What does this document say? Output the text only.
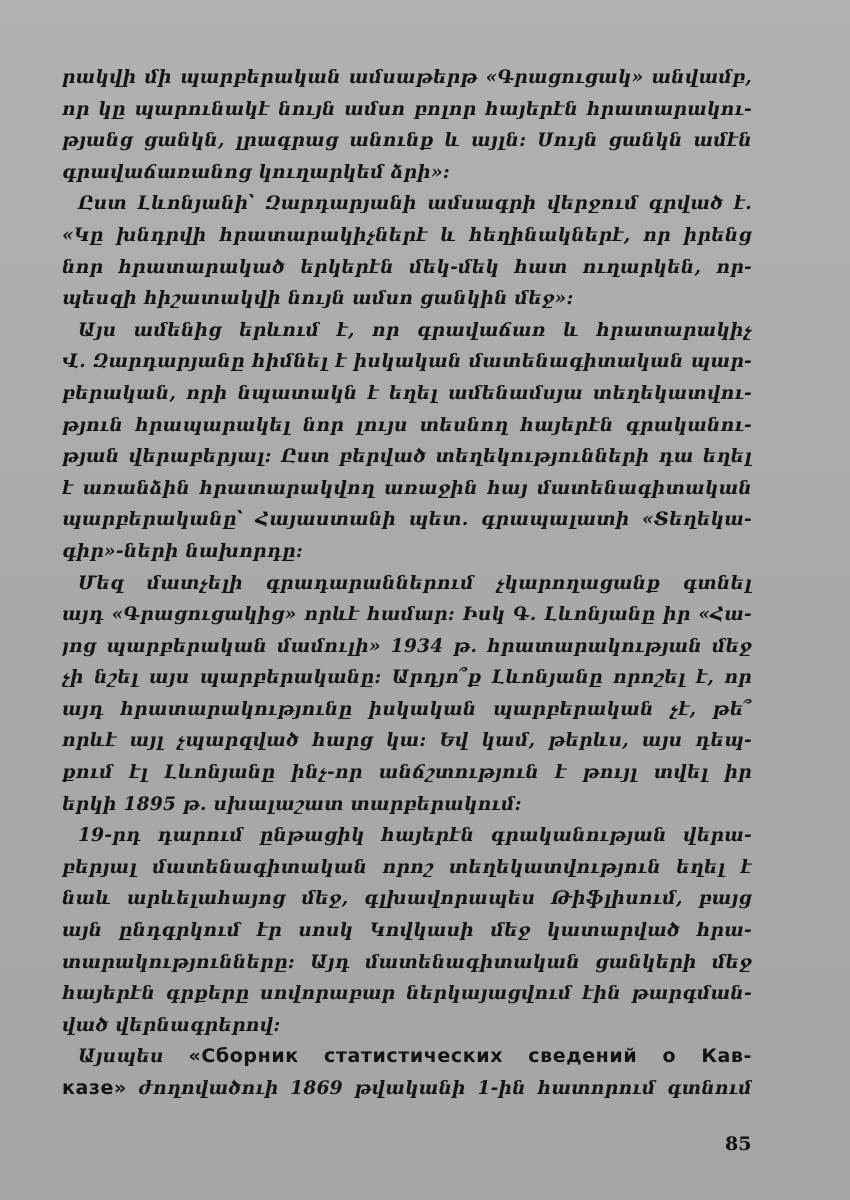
րակվի մի պարբերական ամսաթերթ «Գրացուցակ» անվամբ,
որ կը պարունակէ նույն ամսո բոլոր հայերէն հրատարակու-
թյանց ցանկն, լրագրաց անունք և այլն: Սույն ցանկն ամէն
գրավաճառանոց կուղարկեմ ձրի»:
Ըստ Լևոնյանի՝ Զարդարյանի ամսագրի վերջում գրված է.
«Կը խնդրվի հրատարակիչներէ և հեղինակներէ, որ իրենց
նոր հրատարակած երկերէն մեկ-մեկ հատ ուղարկեն, որ-
պեսզի հիշատակվի նույն ամսո ցանկին մեջ»:
Այս ամենից երևում է, որ գրավաճառ և հրատարակիչ
Վ. Զարդարյանը հիմնել է իսկական մատենագիտական պար-
բերական, որի նպատակն է եղել ամենամսյա տեղեկատվու-
թյուն հրապարակել նոր լույս տեսնող հայերէն գրականու-
թյան վերաբերյալ: Ըստ բերված տեղեկությունների դա եղել
է առանձին հրատարակվող առաջին հայ մատենագիտական
պարբերականը՝ Հայաստանի պետ. գրապալատի «Տեղեկա-
գիր»-ների նախորդը:
Մեզ մատչելի գրադարաններում չկարողացանք գտնել
այդ «Գրացուցակից» որևէ համար: Իսկ Գ. Լևոնյանը իր «Հա-
յոց պարբերական մամուլի» 1934 թ. հրատարակության մեջ
չի նշել այս պարբերականը: Արդյո՞ք Լևոնյանը որոշել է, որ
այդ հրատարակությունը իսկական պարբերական չէ, թե՞
որևէ այլ չպարզված հարց կա: Եվ կամ, թերևս, այս դեպ-
քում էլ Լևոնյանը ինչ-որ անճշտություն է թույլ տվել իր
երկի 1895 թ. սխալաշատ տարբերակում:
19-րդ դարում ընթացիկ հայերէն գրականության վերա-
բերյալ մատենագիտական որոշ տեղեկատվություն եղել է
նաև արևելահայոց մեջ, գլխավորապես Թիֆլիսում, բայց
այն ընդգրկում էր սոսկ Կովկասի մեջ կատարված հրա-
տարակությունները: Այդ մատենագիտական ցանկերի մեջ
հայերէն գրքերը սովորաբար ներկայացվում էին թարգման-
ված վերնագրերով:
Այսպես «Сборник статистических сведений о Кав-
казе» ժողովածուի 1869 թվականի 1-ին հատորում գտնում
85
